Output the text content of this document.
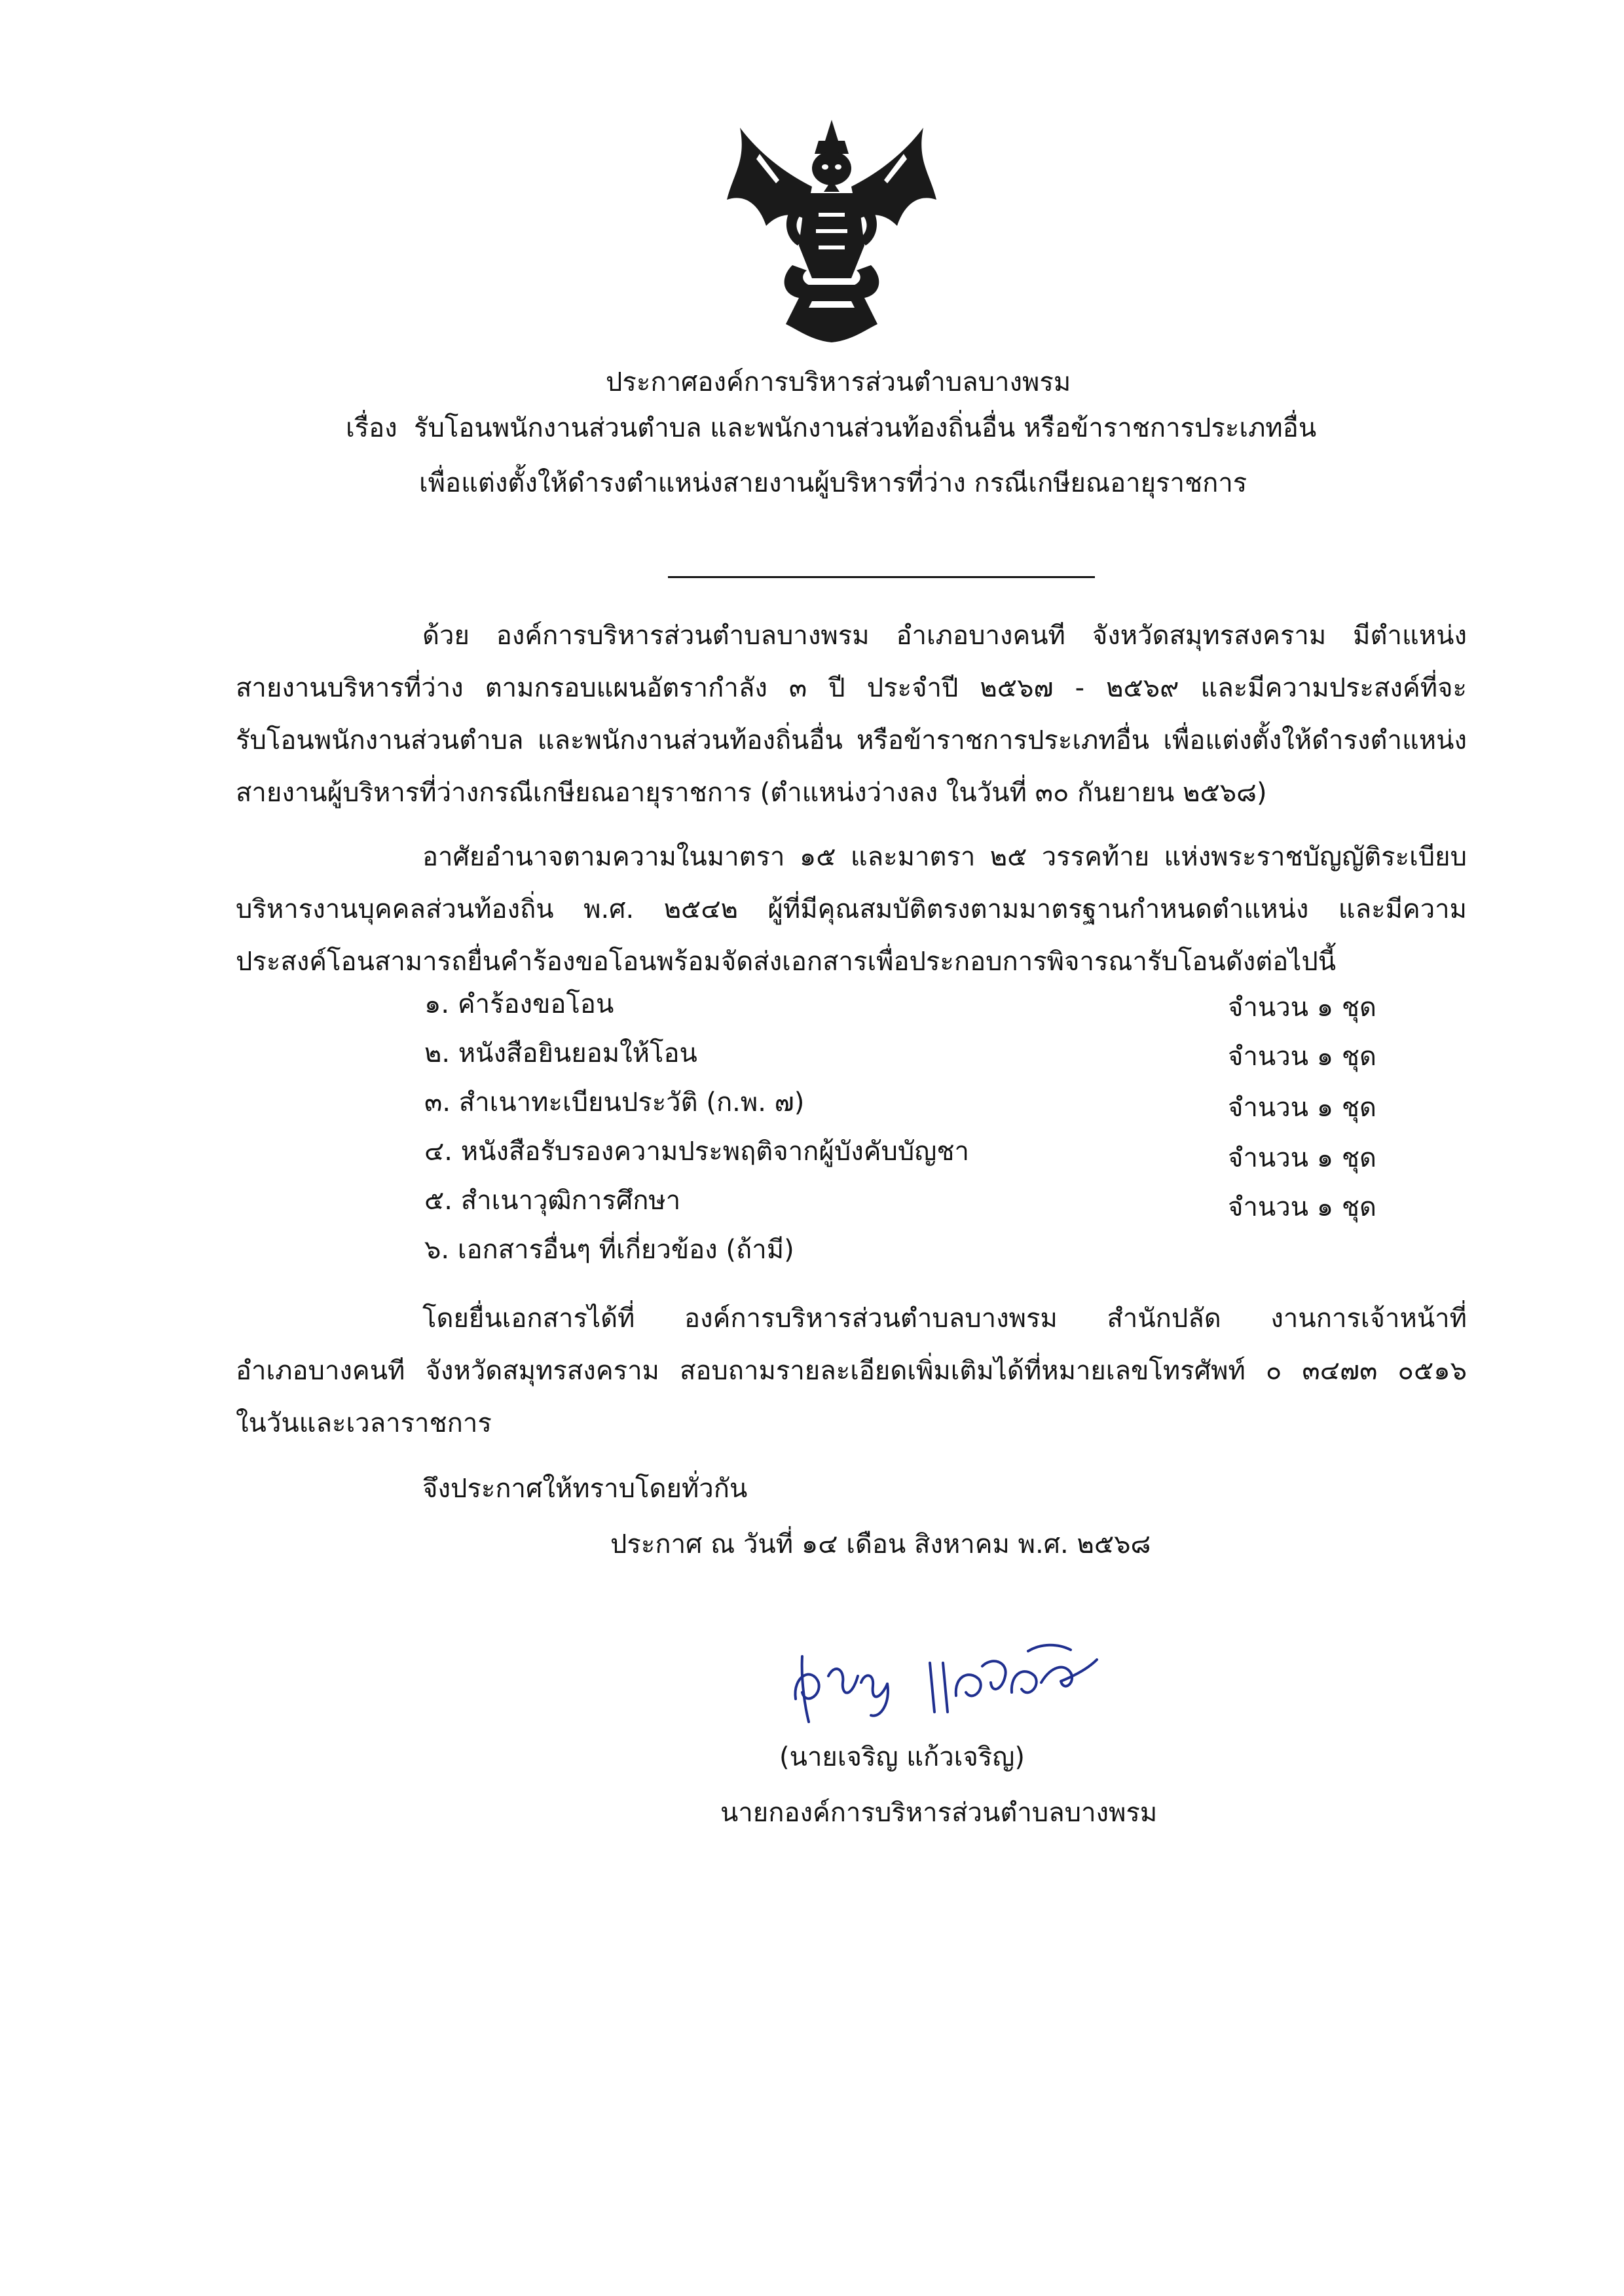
ประกาศองค์การบริหารส่วนตำบลบางพรม
เรื่อง รับโอนพนักงานส่วนตำบล และพนักงานส่วนท้องถิ่นอื่น หรือข้าราชการประเภทอื่น
เพื่อแต่งตั้งให้ดำรงตำแหน่งสายงานผู้บริหารที่ว่าง กรณีเกษียณอายุราชการ
ด้วย องค์การบริหารส่วนตำบลบางพรม อำเภอบางคนที จังหวัดสมุทรสงคราม มีตำแหน่ง
สายงานบริหารที่ว่าง ตามกรอบแผนอัตรากำลัง ๓ ปี ประจำปี ๒๕๖๗ - ๒๕๖๙ และมีความประสงค์ที่จะ
รับโอนพนักงานส่วนตำบล และพนักงานส่วนท้องถิ่นอื่น หรือข้าราชการประเภทอื่น เพื่อแต่งตั้งให้ดำรงตำแหน่ง
สายงานผู้บริหารที่ว่างกรณีเกษียณอายุราชการ (ตำแหน่งว่างลง ในวันที่ ๓๐ กันยายน ๒๕๖๘)
อาศัยอำนาจตามความในมาตรา ๑๕ และมาตรา ๒๕ วรรคท้าย แห่งพระราชบัญญัติระเบียบ
บริหารงานบุคคลส่วนท้องถิ่น พ.ศ. ๒๕๔๒ ผู้ที่มีคุณสมบัติตรงตามมาตรฐานกำหนดตำแหน่ง และมีความ
ประสงค์โอนสามารถยื่นคำร้องขอโอนพร้อมจัดส่งเอกสารเพื่อประกอบการพิจารณารับโอนดังต่อไปนี้
๑. คำร้องขอโอน	จำนวน ๑ ชุด
๒. หนังสือยินยอมให้โอน	จำนวน ๑ ชุด
๓. สำเนาทะเบียนประวัติ (ก.พ. ๗)	จำนวน ๑ ชุด
๔. หนังสือรับรองความประพฤติจากผู้บังคับบัญชา	จำนวน ๑ ชุด
๕. สำเนาวุฒิการศึกษา	จำนวน ๑ ชุด
๖. เอกสารอื่นๆ ที่เกี่ยวข้อง (ถ้ามี)
โดยยื่นเอกสารได้ที่ องค์การบริหารส่วนตำบลบางพรม สำนักปลัด งานการเจ้าหน้าที่
อำเภอบางคนที จังหวัดสมุทรสงคราม สอบถามรายละเอียดเพิ่มเติมได้ที่หมายเลขโทรศัพท์ ๐ ๓๔๗๓ ๐๕๑๖
ในวันและเวลาราชการ
จึงประกาศให้ทราบโดยทั่วกัน
ประกาศ ณ วันที่ ๑๔ เดือน สิงหาคม พ.ศ. ๒๕๖๘
(นายเจริญ แก้วเจริญ)
นายกองค์การบริหารส่วนตำบลบางพรม
